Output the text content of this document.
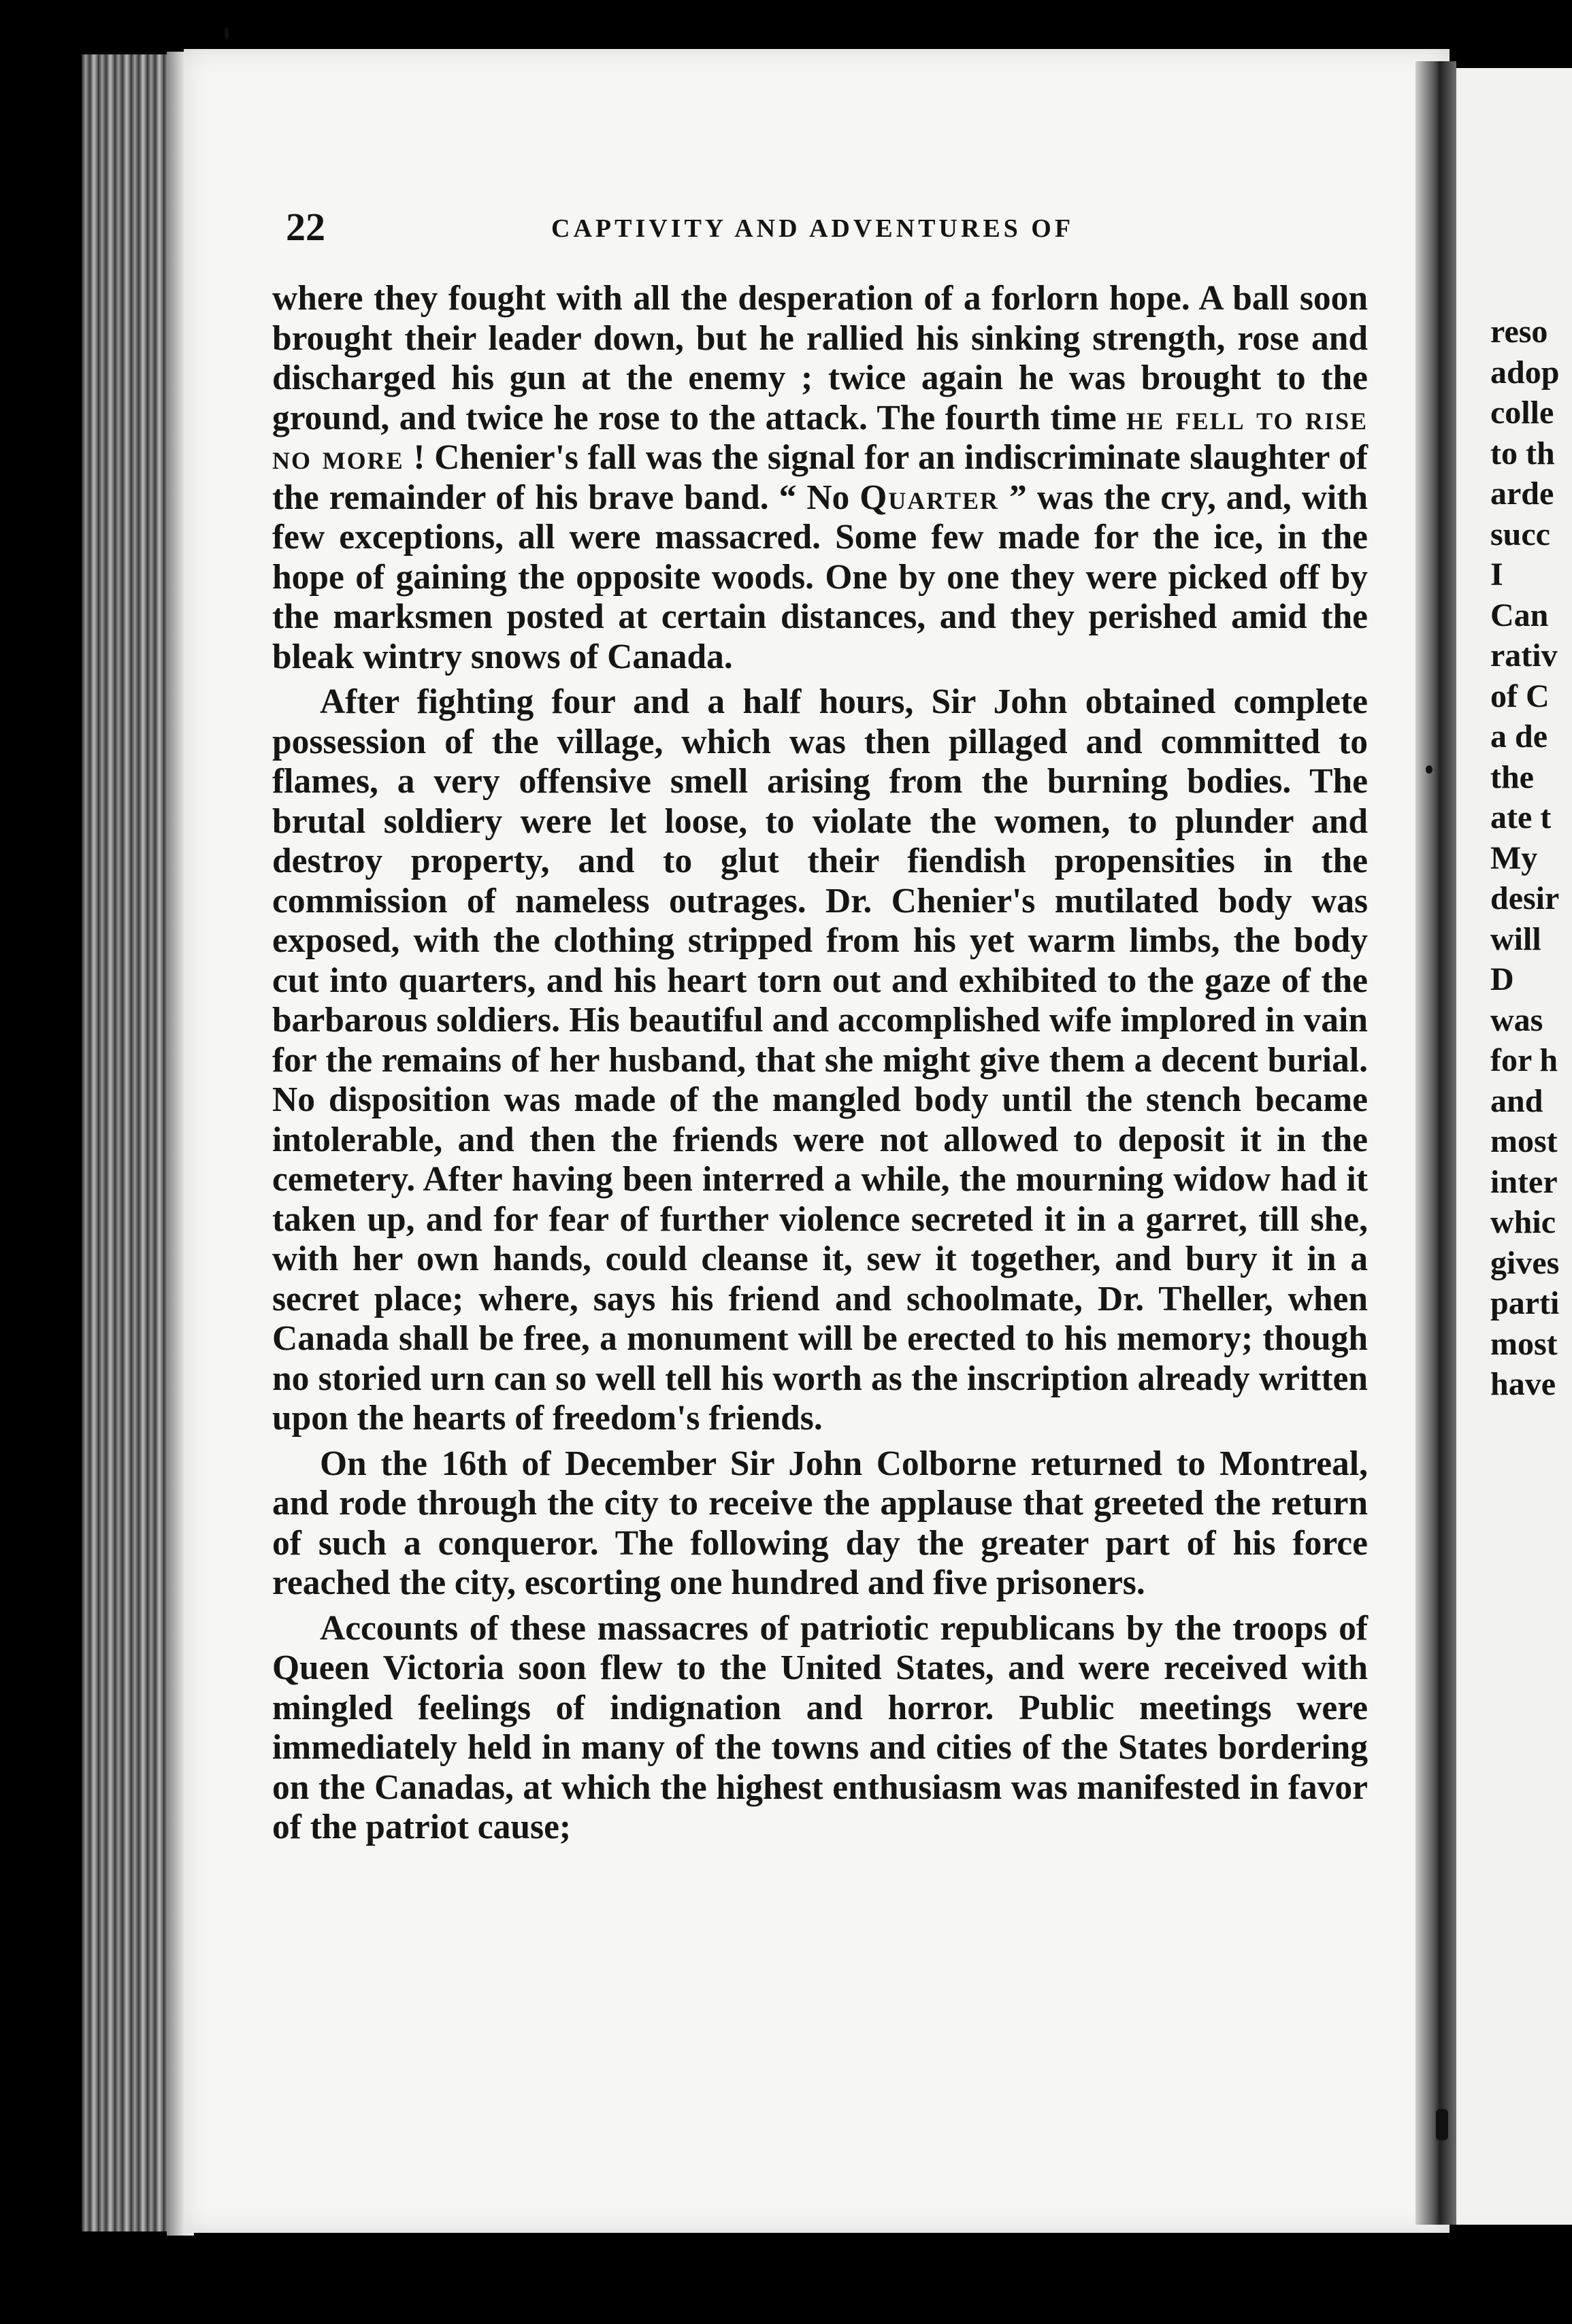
22	CAPTIVITY AND ADVENTURES OF

where they fought with all the desperation of a forlorn hope. A ball soon brought their leader down, but he rallied his sinking strength, rose and discharged his gun at the enemy ; twice again he was brought to the ground, and twice he rose to the attack. The fourth time he fell to rise no more ! Chenier's fall was the signal for an indiscriminate slaughter of the remainder of his brave band. “ No Quarter ” was the cry, and, with few exceptions, all were massacred. Some few made for the ice, in the hope of gaining the opposite woods. One by one they were picked off by the marksmen posted at certain distances, and they perished amid the bleak wintry snows of Canada.

After fighting four and a half hours, Sir John obtained complete possession of the village, which was then pillaged and committed to flames, a very offensive smell arising from the burning bodies. The brutal soldiery were let loose, to violate the women, to plunder and destroy property, and to glut their fiendish propensities in the commission of nameless outrages. Dr. Chenier's mutilated body was exposed, with the clothing stripped from his yet warm limbs, the body cut into quarters, and his heart torn out and exhibited to the gaze of the barbarous soldiers. His beautiful and accomplished wife implored in vain for the remains of her husband, that she might give them a decent burial. No disposition was made of the mangled body until the stench became intolerable, and then the friends were not allowed to deposit it in the cemetery. After having been interred a while, the mourning widow had it taken up, and for fear of further violence secreted it in a garret, till she, with her own hands, could cleanse it, sew it together, and bury it in a secret place; where, says his friend and schoolmate, Dr. Theller, when Canada shall be free, a monument will be erected to his memory; though no storied urn can so well tell his worth as the inscription already written upon the hearts of freedom's friends.

On the 16th of December Sir John Colborne returned to Montreal, and rode through the city to receive the applause that greeted the return of such a conqueror. The following day the greater part of his force reached the city, escorting one hundred and five prisoners.

Accounts of these massacres of patriotic republicans by the troops of Queen Victoria soon flew to the United States, and were received with mingled feelings of indignation and horror. Public meetings were immediately held in many of the towns and cities of the States bordering on the Canadas, at which the highest enthusiasm was manifested in favor of the patriot cause;

reso
adop
colle
to th
arde
succ
I
Can
rativ
of C
a de
the
ate t
My
desir
will
D
was
for h
and
most
inter
whic
gives
parti
most
have
